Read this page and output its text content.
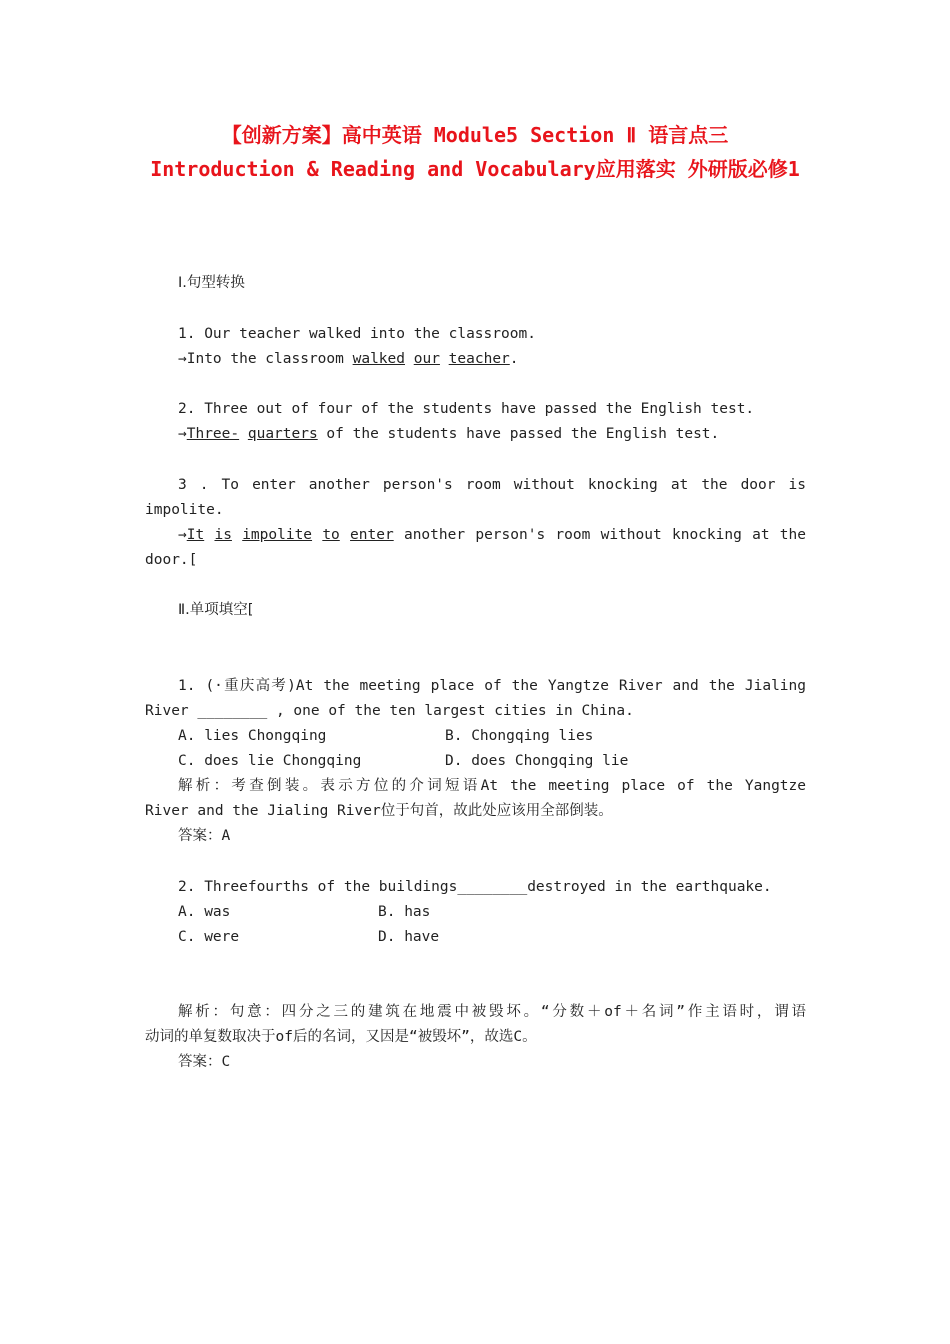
【创新方案】高中英语 Module5 Section Ⅱ 语言点三
Introduction & Reading and Vocabulary应用落实 外研版必修1
Ⅰ.句型转换
1. Our teacher walked into the classroom.
→Into the classroom walked our teacher.
2. Three out of four of the students have passed the English test.
→Three- quarters of the students have passed the English test.
3 . To enter another person's room without knocking at the door is
impolite.
→It is impolite to enter another person's room without knocking at the
door.[
Ⅱ.单项填空[
1. (·重庆高考)At the meeting place of the Yangtze River and the Jialing
River ________ , one of the ten largest cities in China.
A. lies Chongqing	B. Chongqing lies
C. does lie Chongqing	D. does Chongqing lie
解析：考查倒装。表示方位的介词短语At the meeting place of the Yangtze
River and the Jialing River位于句首，故此处应该用全部倒装。
答案：A
2. Threefourths of the buildings________destroyed in the earthquake.
A. was	B. has
C. were	D. have
解析：句意：四分之三的建筑在地震中被毁坏。“分数＋of＋名词”作主语时，谓语
动词的单复数取决于of后的名词，又因是“被毁坏”，故选C。
答案：C
